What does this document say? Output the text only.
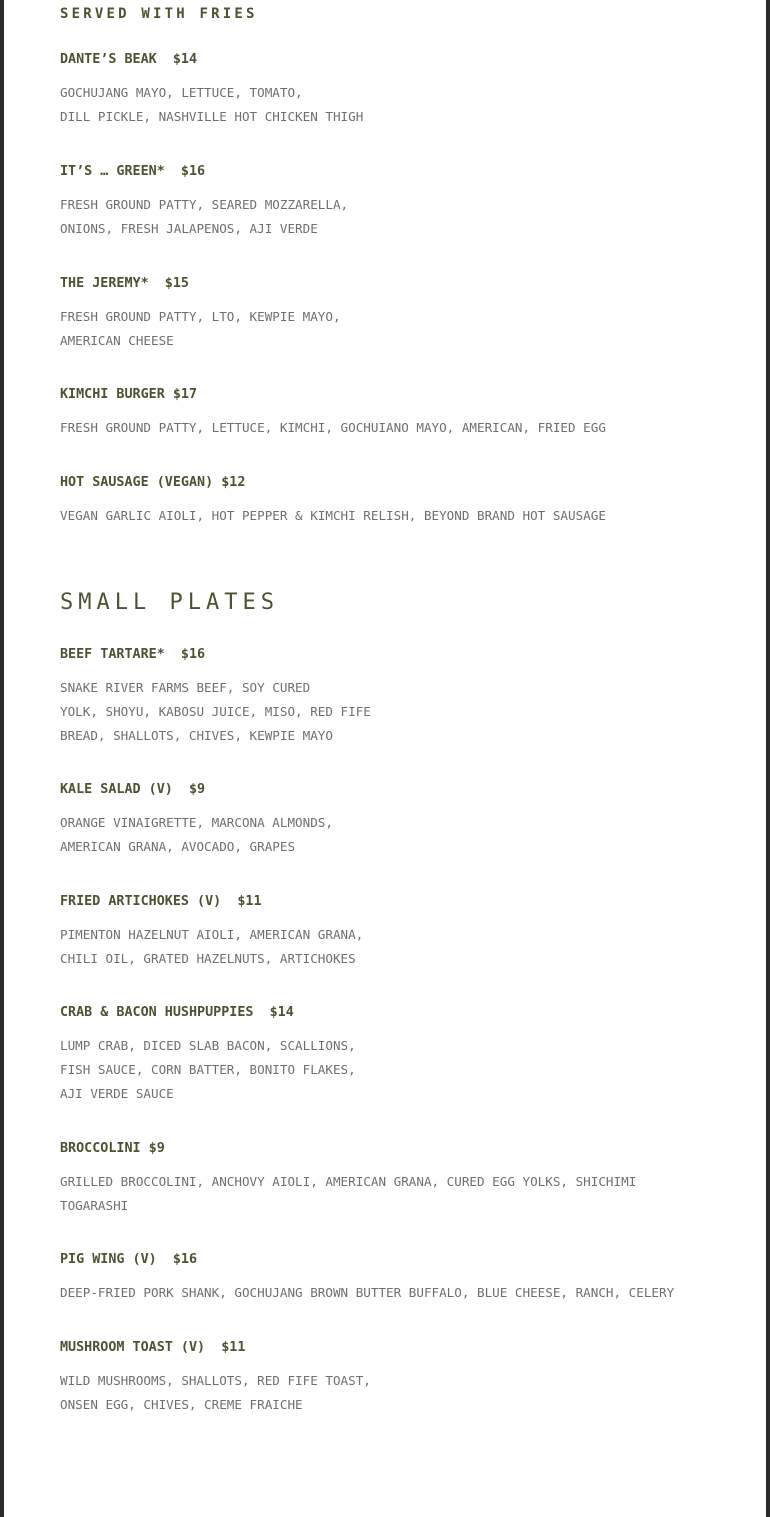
SERVED WITH FRIES
DANTE’S BEAK  $14
GOCHUJANG MAYO, LETTUCE, TOMATO,
DILL PICKLE, NASHVILLE HOT CHICKEN THIGH
IT’S … GREEN*  $16
FRESH GROUND PATTY, SEARED MOZZARELLA,
ONIONS, FRESH JALAPENOS, AJI VERDE
THE JEREMY*  $15
FRESH GROUND PATTY, LTO, KEWPIE MAYO,
AMERICAN CHEESE
KIMCHI BURGER $17
FRESH GROUND PATTY, LETTUCE, KIMCHI, GOCHUIANO MAYO, AMERICAN, FRIED EGG
HOT SAUSAGE (VEGAN) $12
VEGAN GARLIC AIOLI, HOT PEPPER & KIMCHI RELISH, BEYOND BRAND HOT SAUSAGE
SMALL PLATES
BEEF TARTARE*  $16
SNAKE RIVER FARMS BEEF, SOY CURED
YOLK, SHOYU, KABOSU JUICE, MISO, RED FIFE
BREAD, SHALLOTS, CHIVES, KEWPIE MAYO
KALE SALAD (V)  $9
ORANGE VINAIGRETTE, MARCONA ALMONDS,
AMERICAN GRANA, AVOCADO, GRAPES
FRIED ARTICHOKES (V)  $11
PIMENTON HAZELNUT AIOLI, AMERICAN GRANA,
CHILI OIL, GRATED HAZELNUTS, ARTICHOKES
CRAB & BACON HUSHPUPPIES  $14
LUMP CRAB, DICED SLAB BACON, SCALLIONS,
FISH SAUCE, CORN BATTER, BONITO FLAKES,
AJI VERDE SAUCE
BROCCOLINI $9
GRILLED BROCCOLINI, ANCHOVY AIOLI, AMERICAN GRANA, CURED EGG YOLKS, SHICHIMI
TOGARASHI
PIG WING (V)  $16
DEEP-FRIED PORK SHANK, GOCHUJANG BROWN BUTTER BUFFALO, BLUE CHEESE, RANCH, CELERY
MUSHROOM TOAST (V)  $11
WILD MUSHROOMS, SHALLOTS, RED FIFE TOAST,
ONSEN EGG, CHIVES, CREME FRAICHE
